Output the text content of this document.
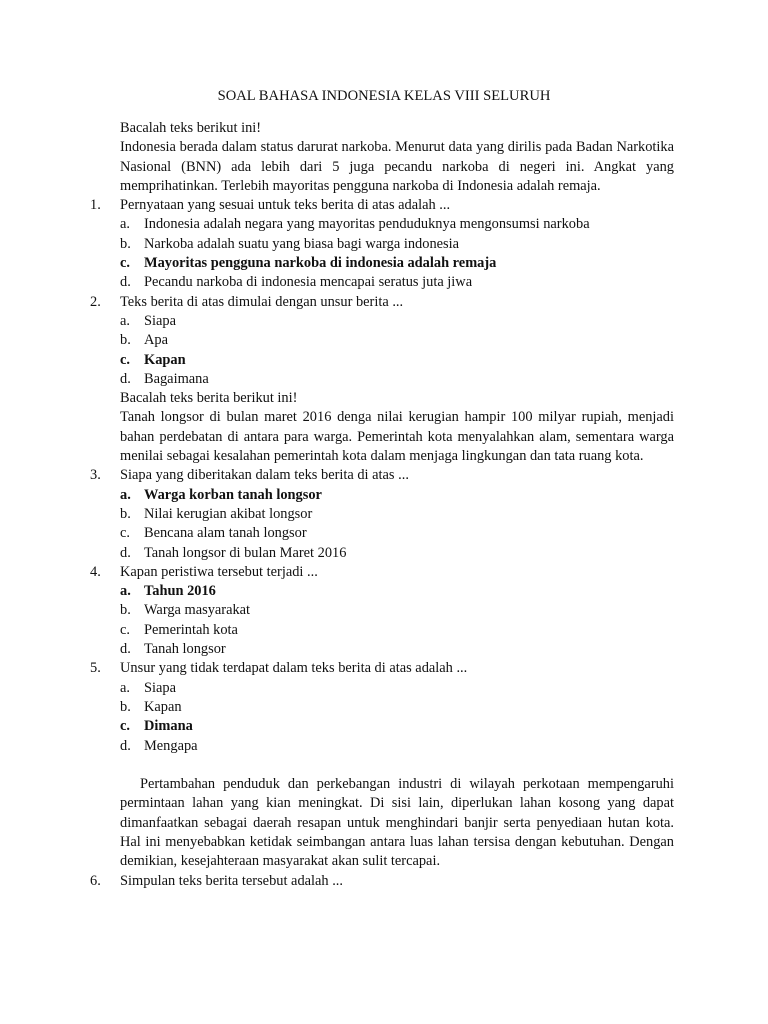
SOAL BAHASA INDONESIA KELAS VIII SELURUH
Bacalah teks berikut ini!
Indonesia berada dalam status darurat narkoba. Menurut data yang dirilis pada Badan Narkotika Nasional (BNN) ada lebih dari 5 juga pecandu narkoba di negeri ini. Angkat yang memprihatinkan. Terlebih mayoritas pengguna narkoba di Indonesia adalah remaja.
1. Pernyataan yang sesuai untuk teks berita di atas adalah ...
a. Indonesia adalah negara yang mayoritas penduduknya mengonsumsi narkoba
b. Narkoba adalah suatu yang biasa bagi warga indonesia
c. Mayoritas pengguna narkoba di indonesia adalah remaja
d. Pecandu narkoba di indonesia mencapai seratus juta jiwa
2. Teks berita di atas dimulai dengan unsur berita ...
a. Siapa
b. Apa
c. Kapan
d. Bagaimana
Bacalah teks berita berikut ini!
Tanah longsor di bulan maret 2016 denga nilai kerugian hampir 100 milyar rupiah, menjadi bahan perdebatan di antara para warga. Pemerintah kota menyalahkan alam, sementara warga menilai sebagai kesalahan pemerintah kota dalam menjaga lingkungan dan tata ruang kota.
3. Siapa yang diberitakan dalam teks berita di atas ...
a. Warga korban tanah longsor
b. Nilai kerugian akibat longsor
c. Bencana alam tanah longsor
d. Tanah longsor di bulan Maret 2016
4. Kapan peristiwa tersebut terjadi ...
a. Tahun 2016
b. Warga masyarakat
c. Pemerintah kota
d. Tanah longsor
5. Unsur yang tidak terdapat dalam teks berita di atas adalah ...
a. Siapa
b. Kapan
c. Dimana
d. Mengapa
Pertambahan penduduk dan perkebangan industri di wilayah perkotaan mempengaruhi permintaan lahan yang kian meningkat. Di sisi lain, diperlukan lahan kosong yang dapat dimanfaatkan sebagai daerah resapan untuk menghindari banjir serta penyediaan hutan kota. Hal ini menyebabkan ketidak seimbangan antara luas lahan tersisa dengan kebutuhan. Dengan demikian, kesejahteraan masyarakat akan sulit tercapai.
6. Simpulan teks berita tersebut adalah ...
